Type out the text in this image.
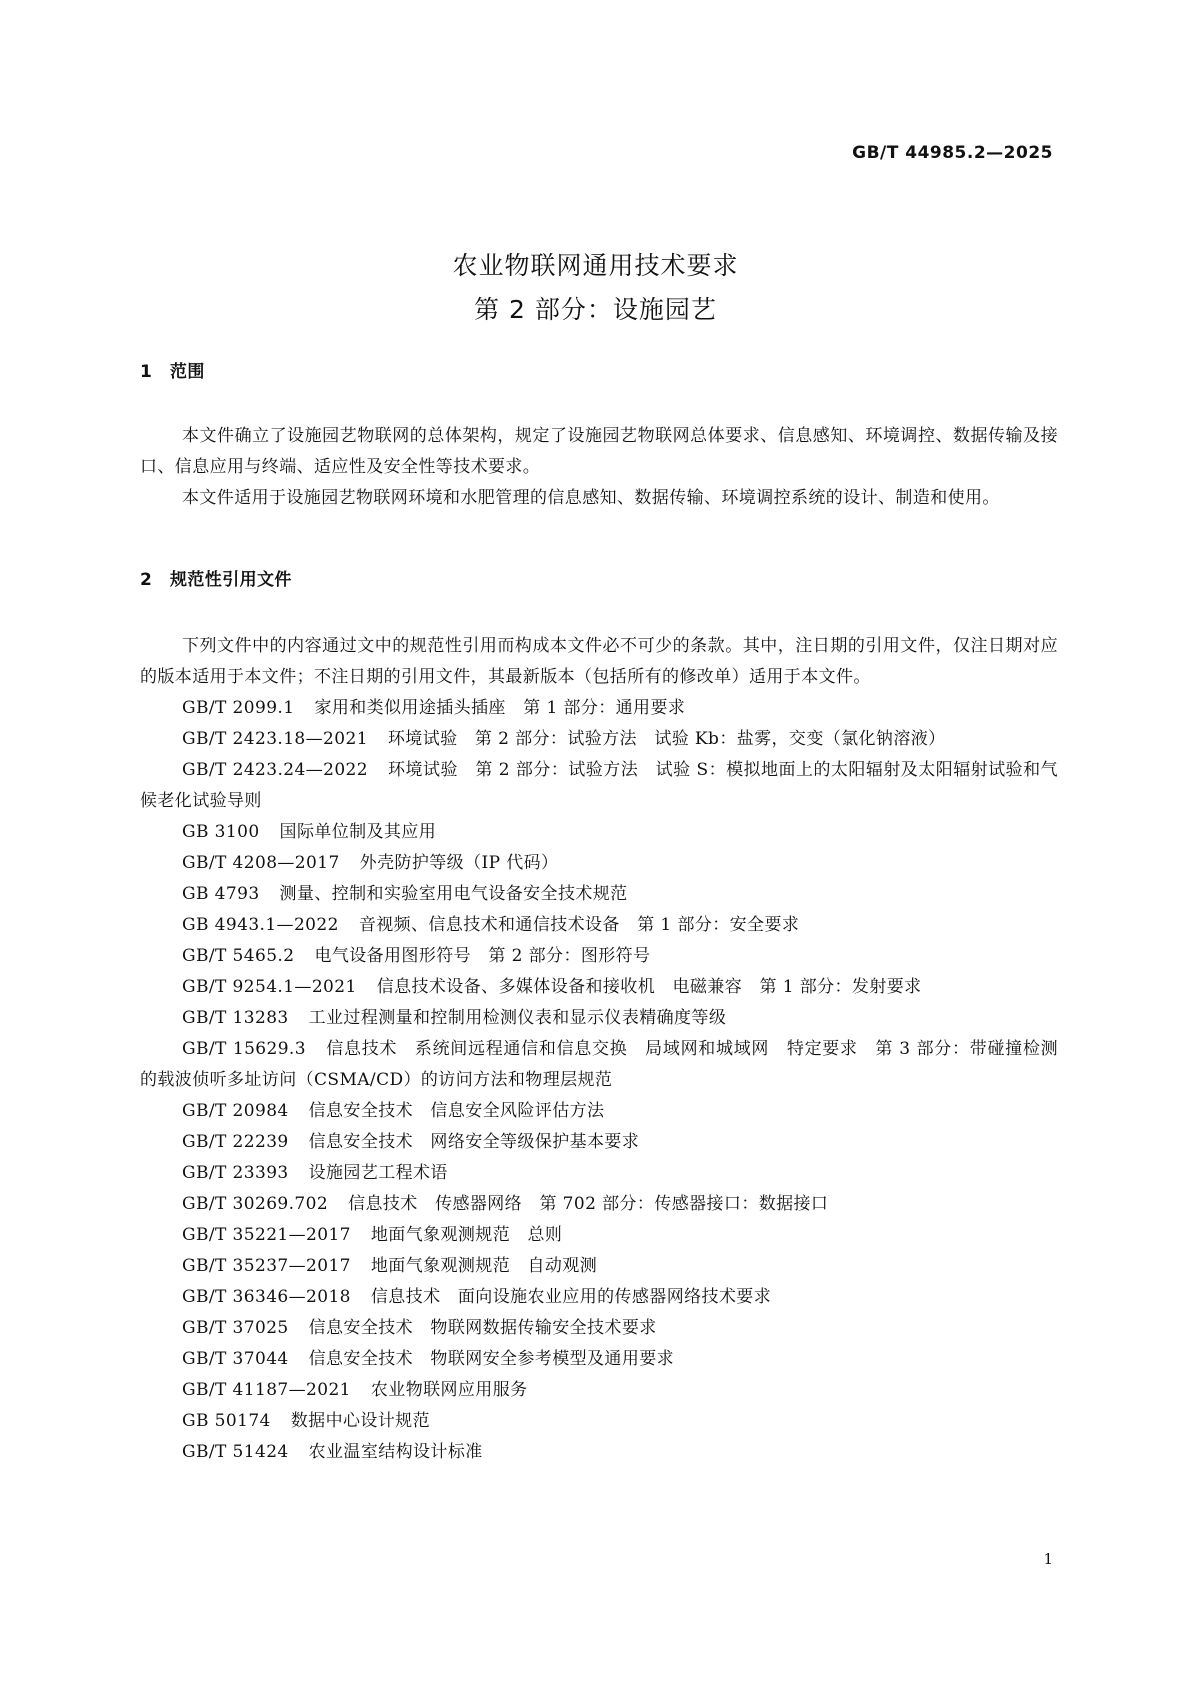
GB/T 44985.2—2025
农业物联网通用技术要求
第 2 部分：设施园艺
1 范围

本文件确立了设施园艺物联网的总体架构，规定了设施园艺物联网总体要求、信息感知、环境调控、数据传输及接口、信息应用与终端、适应性及安全性等技术要求。

本文件适用于设施园艺物联网环境和水肥管理的信息感知、数据传输、环境调控系统的设计、制造和使用。

2 规范性引用文件

下列文件中的内容通过文中的规范性引用而构成本文件必不可少的条款。其中，注日期的引用文件，仅注日期对应的版本适用于本文件；不注日期的引用文件，其最新版本（包括所有的修改单）适用于本文件。

GB/T 2099.1 家用和类似用途插头插座　第 1 部分：通用要求
GB/T 2423.18—2021 环境试验　第 2 部分：试验方法　试验 Kb：盐雾，交变（氯化钠溶液）
GB/T 2423.24—2022 环境试验　第 2 部分：试验方法　试验 S：模拟地面上的太阳辐射及太阳辐射试验和气候老化试验导则
GB 3100 国际单位制及其应用
GB/T 4208—2017 外壳防护等级（IP 代码）
GB 4793 测量、控制和实验室用电气设备安全技术规范
GB 4943.1—2022 音视频、信息技术和通信技术设备　第 1 部分：安全要求
GB/T 5465.2 电气设备用图形符号　第 2 部分：图形符号
GB/T 9254.1—2021 信息技术设备、多媒体设备和接收机　电磁兼容　第 1 部分：发射要求
GB/T 13283 工业过程测量和控制用检测仪表和显示仪表精确度等级
GB/T 15629.3 信息技术　系统间远程通信和信息交换　局域网和城域网　特定要求　第 3 部分：带碰撞检测的载波侦听多址访问（CSMA/CD）的访问方法和物理层规范
GB/T 20984 信息安全技术　信息安全风险评估方法
GB/T 22239 信息安全技术　网络安全等级保护基本要求
GB/T 23393 设施园艺工程术语
GB/T 30269.702 信息技术　传感器网络　第 702 部分：传感器接口：数据接口
GB/T 35221—2017 地面气象观测规范　总则
GB/T 35237—2017 地面气象观测规范　自动观测
GB/T 36346—2018 信息技术　面向设施农业应用的传感器网络技术要求
GB/T 37025 信息安全技术　物联网数据传输安全技术要求
GB/T 37044 信息安全技术　物联网安全参考模型及通用要求
GB/T 41187—2021 农业物联网应用服务
GB 50174 数据中心设计规范
GB/T 51424 农业温室结构设计标准
1
